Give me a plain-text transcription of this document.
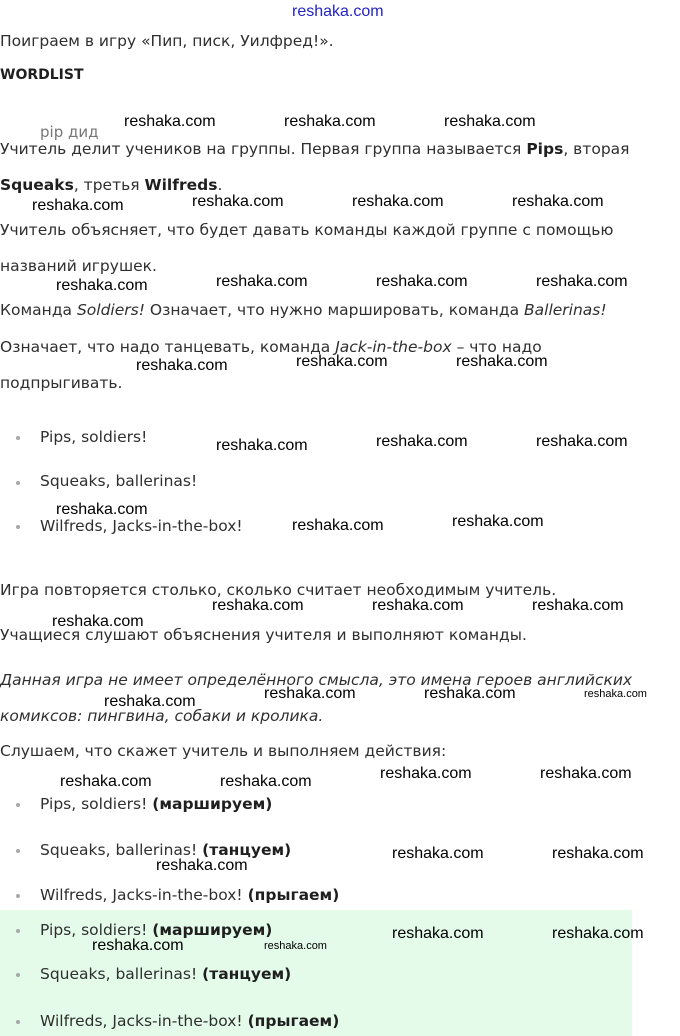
reshaka.com
Поиграем в игру «Пип, писк, Уилфред!».
WORDLIST
pip дид
Учитель делит учеников на группы. Первая группа называется Pips, вторая
Squeaks, третья Wilfreds.
Учитель объясняет, что будет давать команды каждой группе с помощью
названий игрушек.
Команда Soldiers! Означает, что нужно маршировать, команда Ballerinas!
Означает, что надо танцевать, команда Jack-in-the-box – что надо
подпрыгивать.
Pips, soldiers!
Squeaks, ballerinas!
Wilfreds, Jacks-in-the-box!
Игра повторяется столько, сколько считает необходимым учитель.
Учащиеся слушают объяснения учителя и выполняют команды.
Данная игра не имеет определённого смысла, это имена героев английских
комиксов: пингвина, собаки и кролика.
Слушаем, что скажет учитель и выполняем действия:
Pips, soldiers! (маршируем)
Squeaks, ballerinas! (танцуем)
Wilfreds, Jacks-in-the-box! (прыгаем)
Pips, soldiers! (маршируем)
Squeaks, ballerinas! (танцуем)
Wilfreds, Jacks-in-the-box! (прыгаем)
reshaka.com	reshaka.com	reshaka.com
reshaka.com	reshaka.com	reshaka.com	reshaka.com
reshaka.com	reshaka.com	reshaka.com	reshaka.com
reshaka.com	reshaka.com	reshaka.com
reshaka.com	reshaka.com	reshaka.com
reshaka.com
reshaka.com	reshaka.com
reshaka.com	reshaka.com	reshaka.com
reshaka.com
reshaka.com	reshaka.com	reshaka.com	reshaka.com
reshaka.com	reshaka.com	reshaka.com	reshaka.com
reshaka.com	reshaka.com
reshaka.com
reshaka.com	reshaka.com
reshaka.com	reshaka.com
